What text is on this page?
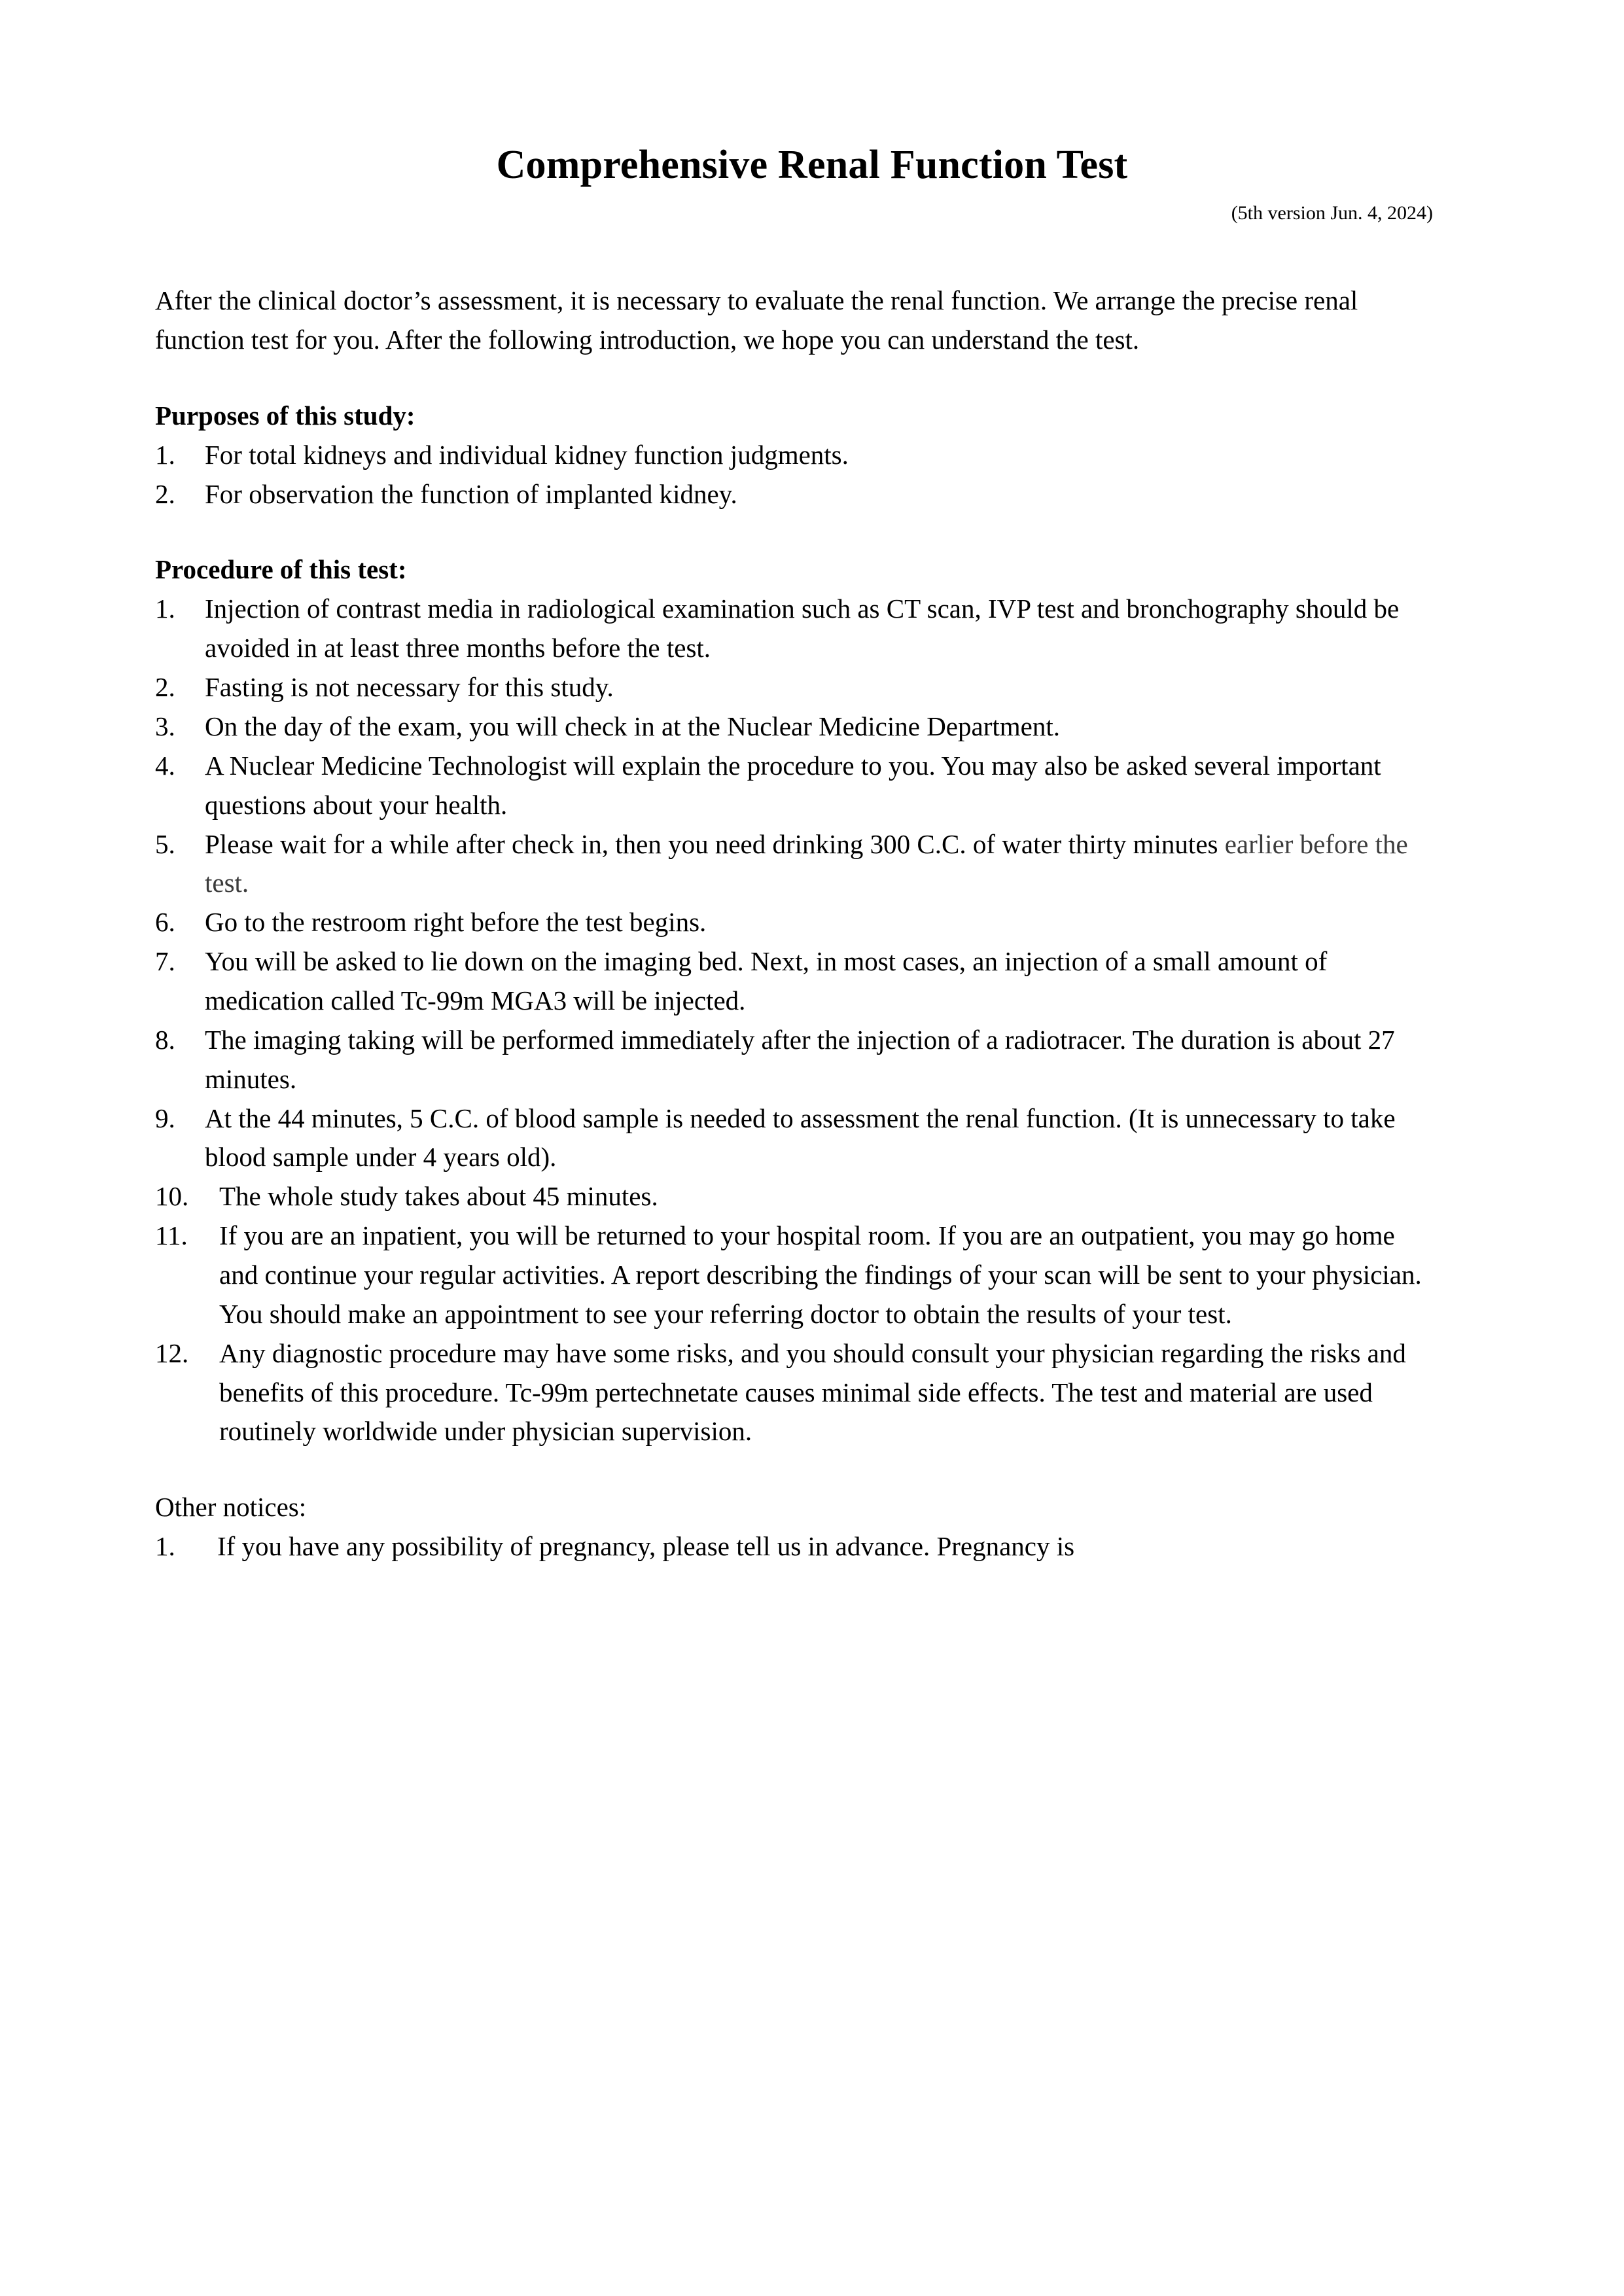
Comprehensive Renal Function Test
(5th version Jun. 4, 2024)

After the clinical doctor’s assessment, it is necessary to evaluate the renal function. We arrange the precise renal function test for you. After the following introduction, we hope you can understand the test.

Purposes of this study:
1. For total kidneys and individual kidney function judgments.
2. For observation the function of implanted kidney.
Procedure of this test:
1. Injection of contrast media in radiological examination such as CT scan, IVP test and bronchography should be avoided in at least three months before the test.
2. Fasting is not necessary for this study.
3. On the day of the exam, you will check in at the Nuclear Medicine Department.
4. A Nuclear Medicine Technologist will explain the procedure to you. You may also be asked several important questions about your health.
5. Please wait for a while after check in, then you need drinking 300 C.C. of water thirty minutes earlier before the test.
6. Go to the restroom right before the test begins.
7. You will be asked to lie down on the imaging bed. Next, in most cases, an injection of a small amount of medication called Tc-99m MGA3 will be injected.
8. The imaging taking will be performed immediately after the injection of a radiotracer. The duration is about 27 minutes.
9. At the 44 minutes, 5 C.C. of blood sample is needed to assessment the renal function. (It is unnecessary to take blood sample under 4 years old).
10. The whole study takes about 45 minutes.
11. If you are an inpatient, you will be returned to your hospital room. If you are an outpatient, you may go home and continue your regular activities. A report describing the findings of your scan will be sent to your physician. You should make an appointment to see your referring doctor to obtain the results of your test.
12. Any diagnostic procedure may have some risks, and you should consult your physician regarding the risks and benefits of this procedure. Tc-99m pertechnetate causes minimal side effects. The test and material are used routinely worldwide under physician supervision.
Other notices:
1. If you have any possibility of pregnancy, please tell us in advance. Pregnancy is
